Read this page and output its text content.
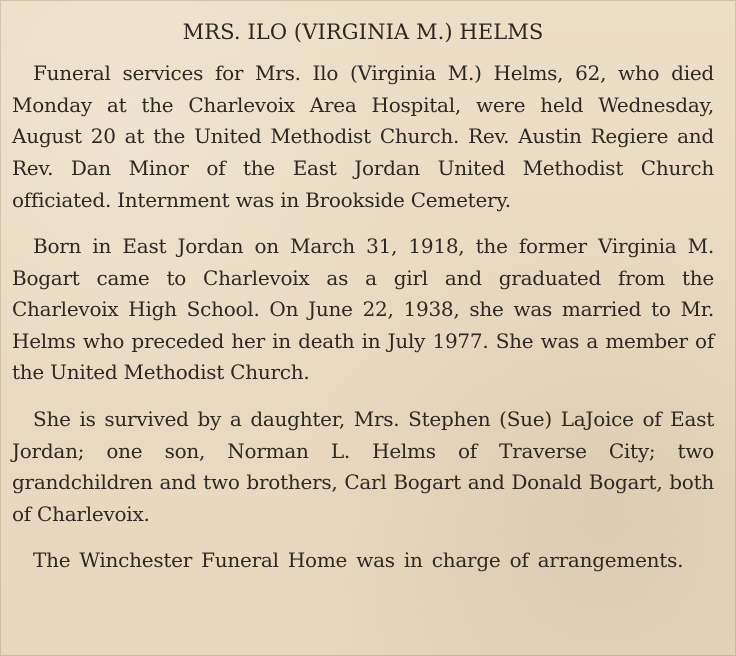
MRS. ILO (VIRGINIA M.) HELMS

Funeral services for Mrs. Ilo (Virginia M.) Helms, 62, who died Monday at the Charlevoix Area Hospital, were held Wednesday, August 20 at the United Methodist Church. Rev. Austin Regiere and Rev. Dan Minor of the East Jordan United Methodist Church officiated. Internment was in Brookside Cemetery.

Born in East Jordan on March 31, 1918, the former Virginia M. Bogart came to Charlevoix as a girl and graduated from the Charlevoix High School. On June 22, 1938, she was married to Mr. Helms who preceded her in death in July 1977. She was a member of the United Methodist Church.

She is survived by a daughter, Mrs. Stephen (Sue) LaJoice of East Jordan; one son, Norman L. Helms of Traverse City; two grandchildren and two brothers, Carl Bogart and Donald Bogart, both of Charlevoix.

The Winchester Funeral Home was in charge of arrangements.
